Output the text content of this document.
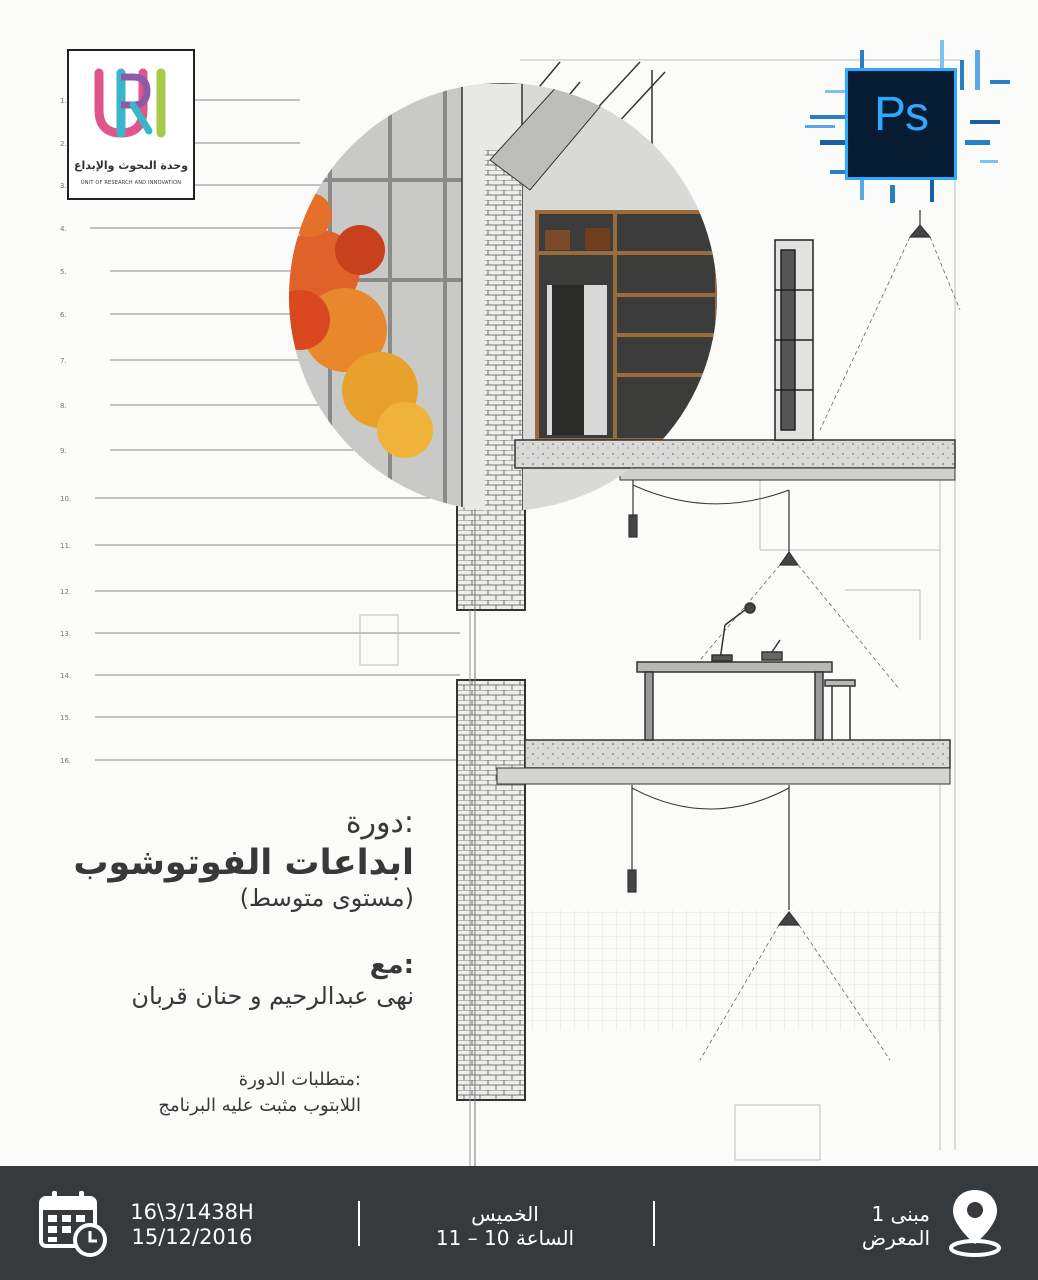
1.
2.
3.
4.
5.
6.
7.
8.
9.
10.
11.
12.
13.
14.
15.
16.
وحدة البحوث والإبداع
UNIT OF RESEARCH AND INNOVATION
Ps
:دورة
ابداعات الفوتوشوب
(مستوى متوسط)
:مع
نهى عبدالرحيم و حنان قربان
:متطلبات الدورة
اللابتوب مثبت عليه البرنامج
16\3/1438H
15/12/2016
الخميس
الساعة 10 – 11
مبنى 1
المعرض
